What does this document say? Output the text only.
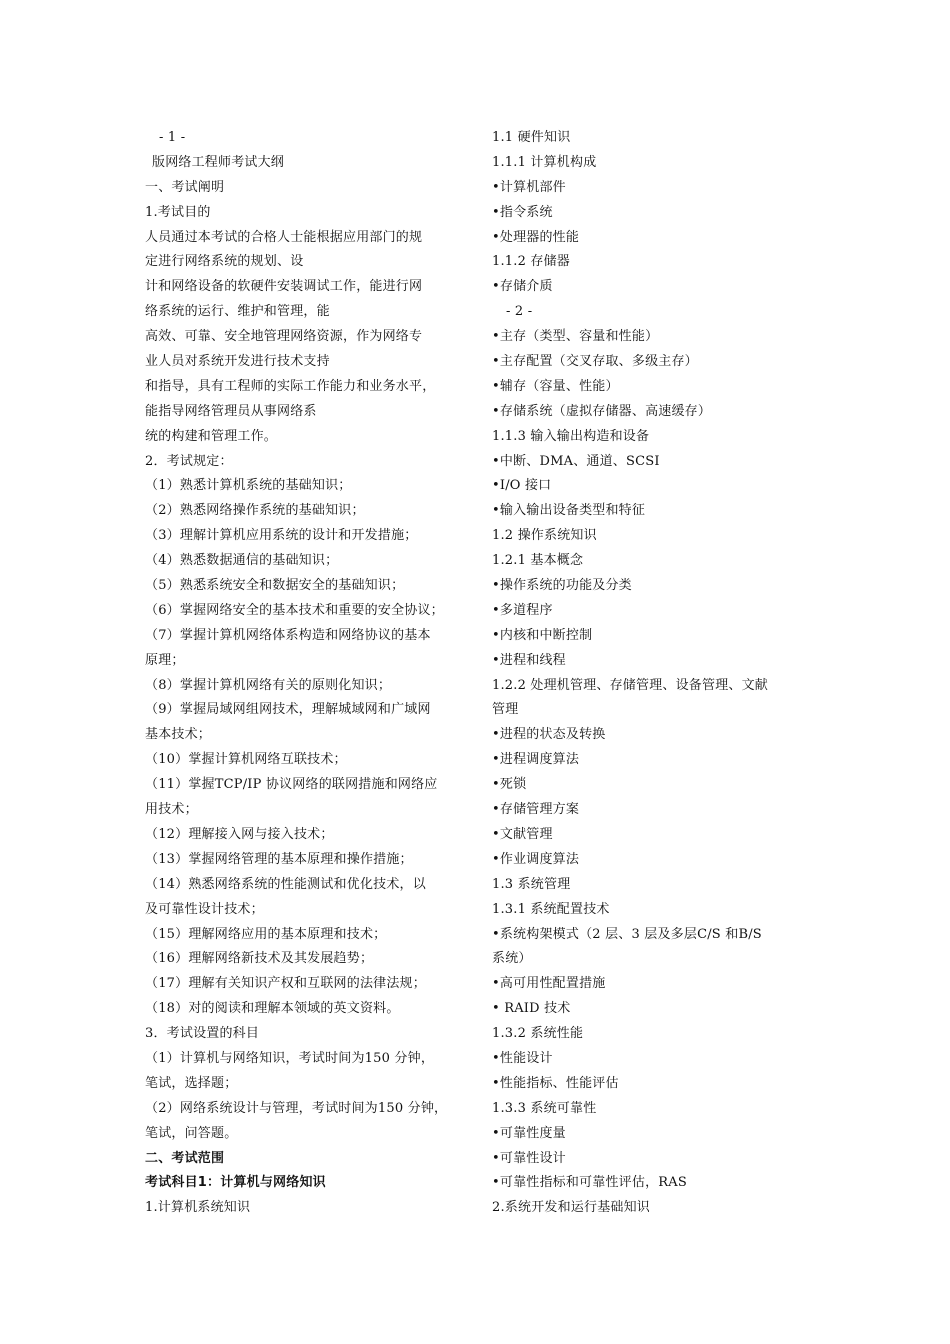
- 1 -
版网络工程师考试大纲
一、考试阐明
1.考试目的
人员通过本考试的合格人士能根据应用部门的规
定进行网络系统的规划、设
计和网络设备的软硬件安装调试工作，能进行网
络系统的运行、维护和管理，能
高效、可靠、安全地管理网络资源，作为网络专
业人员对系统开发进行技术支持
和指导，具有工程师的实际工作能力和业务水平，
能指导网络管理员从事网络系
统的构建和管理工作。
2．考试规定：
（1）熟悉计算机系统的基础知识；
（2）熟悉网络操作系统的基础知识；
（3）理解计算机应用系统的设计和开发措施；
（4）熟悉数据通信的基础知识；
（5）熟悉系统安全和数据安全的基础知识；
（6）掌握网络安全的基本技术和重要的安全协议；
（7）掌握计算机网络体系构造和网络协议的基本
原理；
（8）掌握计算机网络有关的原则化知识；
（9）掌握局域网组网技术，理解城域网和广域网
基本技术；
（10）掌握计算机网络互联技术；
（11）掌握TCP/IP 协议网络的联网措施和网络应
用技术；
（12）理解接入网与接入技术；
（13）掌握网络管理的基本原理和操作措施；
（14）熟悉网络系统的性能测试和优化技术，以
及可靠性设计技术；
（15）理解网络应用的基本原理和技术；
（16）理解网络新技术及其发展趋势；
（17）理解有关知识产权和互联网的法律法规；
（18）对的阅读和理解本领域的英文资料。
3．考试设置的科目
（1）计算机与网络知识，考试时间为150 分钟，
笔试，选择题；
（2）网络系统设计与管理，考试时间为150 分钟，
笔试，问答题。
二、考试范围
考试科目1：计算机与网络知识
1.计算机系统知识
1.1 硬件知识
1.1.1 计算机构成
•计算机部件
•指令系统
•处理器的性能
1.1.2 存储器
•存储介质
- 2 -
•主存（类型、容量和性能）
•主存配置（交叉存取、多级主存）
•辅存（容量、性能）
•存储系统（虚拟存储器、高速缓存）
1.1.3 输入输出构造和设备
•中断、DMA、通道、SCSI
•I/O 接口
•输入输出设备类型和特征
1.2 操作系统知识
1.2.1 基本概念
•操作系统的功能及分类
•多道程序
•内核和中断控制
•进程和线程
1.2.2 处理机管理、存储管理、设备管理、文献
管理
•进程的状态及转换
•进程调度算法
•死锁
•存储管理方案
•文献管理
•作业调度算法
1.3 系统管理
1.3.1 系统配置技术
•系统构架模式（2 层、3 层及多层C/S 和B/S
系统）
•高可用性配置措施
• RAID 技术
1.3.2 系统性能
•性能设计
•性能指标、性能评估
1.3.3 系统可靠性
•可靠性度量
•可靠性设计
•可靠性指标和可靠性评估，RAS
2.系统开发和运行基础知识
